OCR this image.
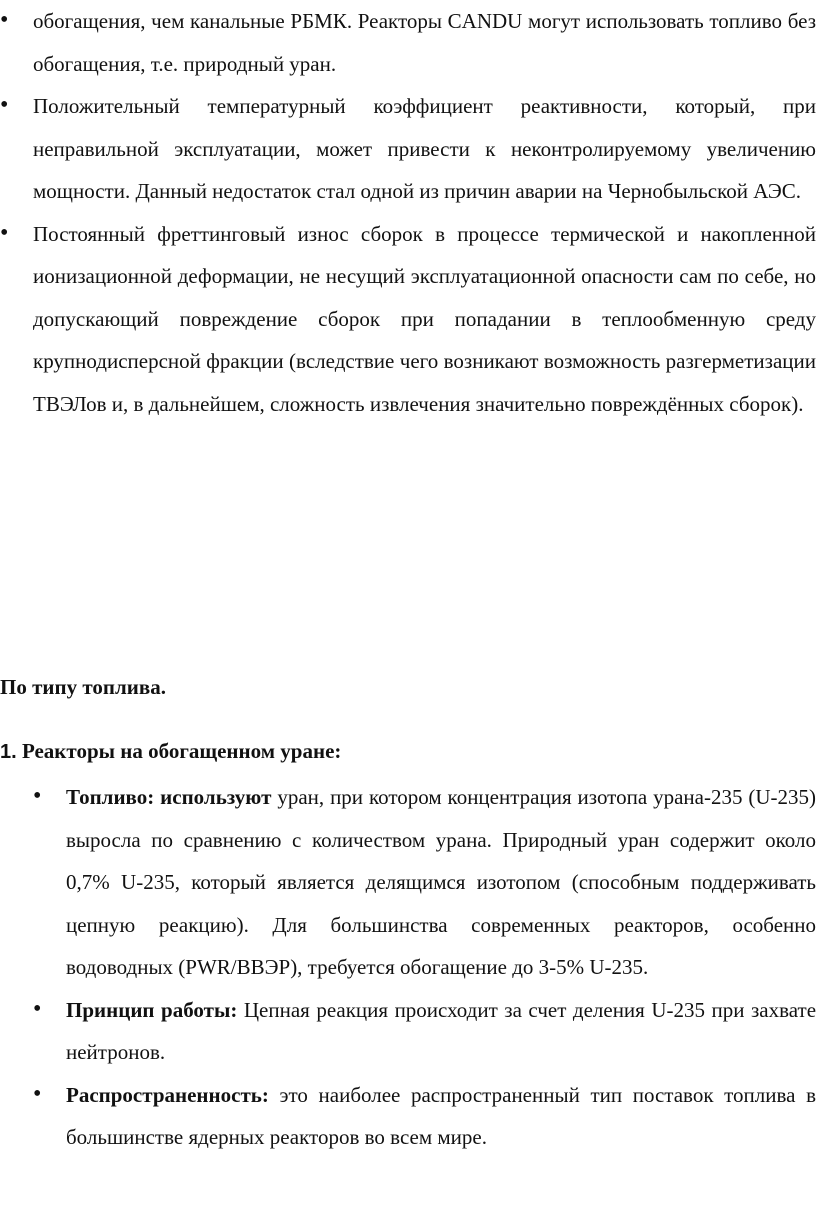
• обогащения, чем канальные РБМК. Реакторы CANDU могут использовать топливо без обогащения, т.е. природный уран.
• Положительный температурный коэффициент реактивности, который, при неправильной эксплуатации, может привести к неконтролируемому увеличению мощности. Данный недостаток стал одной из причин аварии на Чернобыльской АЭС.
• Постоянный фреттинговый износ сборок в процессе термической и накопленной ионизационной деформации, не несущий эксплуатационной опасности сам по себе, но допускающий повреждение сборок при попадании в теплообменную среду крупнодисперсной фракции (вследствие чего возникают возможность разгерметизации ТВЭЛов и, в дальнейшем, сложность извлечения значительно повреждённых сборок).

По типу топлива.

1. Реакторы на обогащенном уране:

• Топливо: используют уран, при котором концентрация изотопа урана-235 (U-235) выросла по сравнению с количеством урана. Природный уран содержит около 0,7% U-235, который является делящимся изотопом (способным поддерживать цепную реакцию). Для большинства современных реакторов, особенно водоводных (PWR/ВВЭР), требуется обогащение до 3-5% U-235.
• Принцип работы: Цепная реакция происходит за счет деления U-235 при захвате нейтронов.
• Распространенность: это наиболее распространенный тип поставок топлива в большинстве ядерных реакторов во всем мире.
